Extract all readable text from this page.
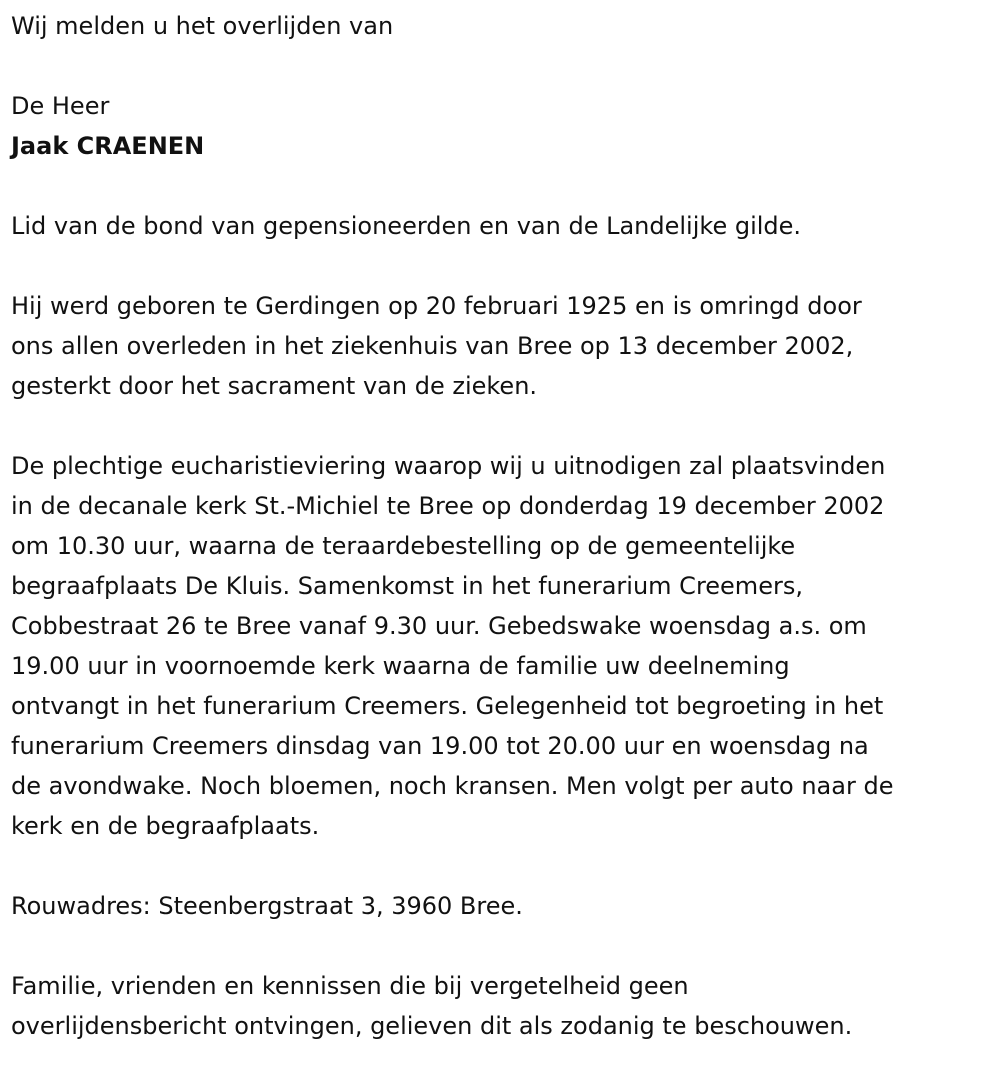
Wij melden u het overlijden van

De Heer

Jaak CRAENEN

Lid van de bond van gepensioneerden en van de Landelijke gilde.

Hij werd geboren te Gerdingen op 20 februari 1925 en is omringd door
ons allen overleden in het ziekenhuis van Bree op 13 december 2002,
gesterkt door het sacrament van de zieken.

De plechtige eucharistieviering waarop wij u uitnodigen zal plaatsvinden
in de decanale kerk St.-Michiel te Bree op donderdag 19 december 2002
om 10.30 uur, waarna de teraardebestelling op de gemeentelijke
begraafplaats De Kluis. Samenkomst in het funerarium Creemers,
Cobbestraat 26 te Bree vanaf 9.30 uur. Gebedswake woensdag a.s. om
19.00 uur in voornoemde kerk waarna de familie uw deelneming
ontvangt in het funerarium Creemers. Gelegenheid tot begroeting in het
funerarium Creemers dinsdag van 19.00 tot 20.00 uur en woensdag na
de avondwake. Noch bloemen, noch kransen. Men volgt per auto naar de
kerk en de begraafplaats.

Rouwadres: Steenbergstraat 3, 3960 Bree.

Familie, vrienden en kennissen die bij vergetelheid geen
overlijdensbericht ontvingen, gelieven dit als zodanig te beschouwen.
